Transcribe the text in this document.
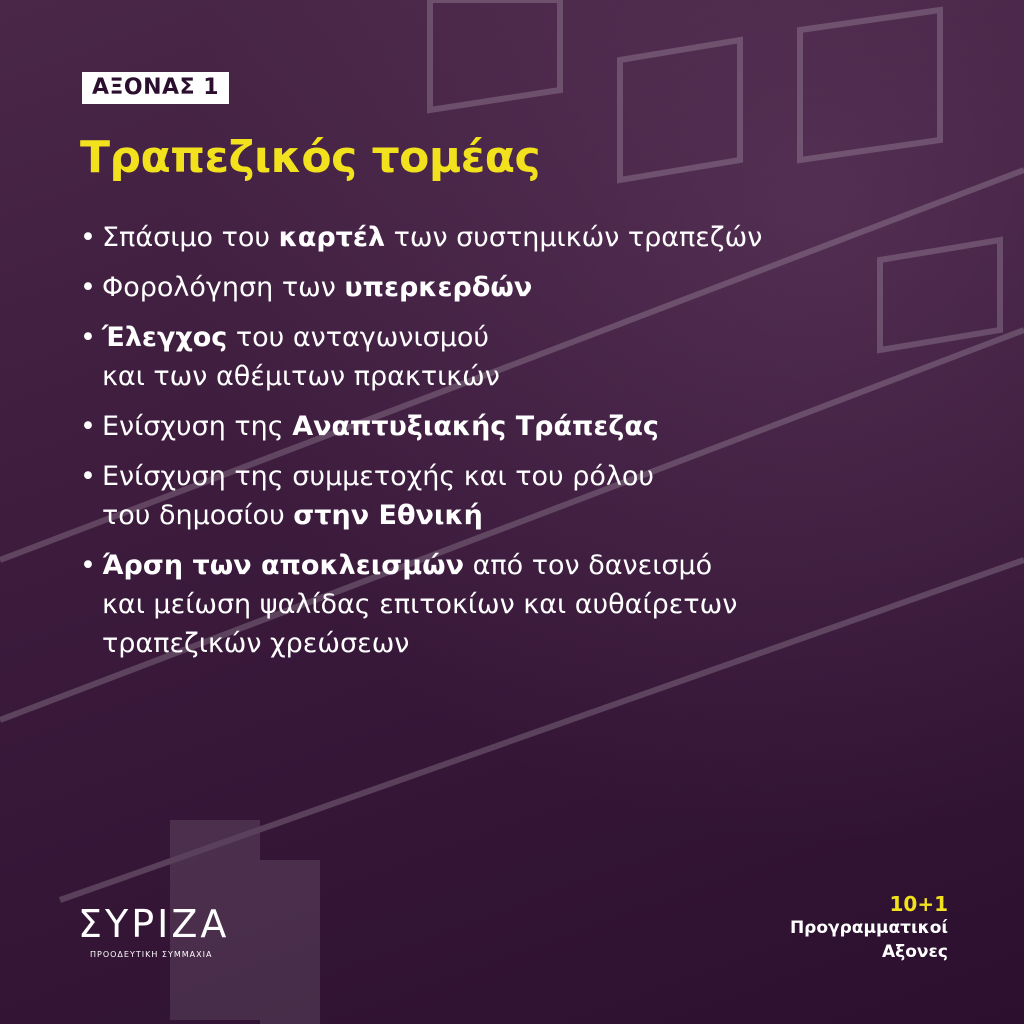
ΑΞΟΝΑΣ 1
Τραπεζικός τομέας
• Σπάσιμο του καρτέλ των συστημικών τραπεζών
• Φορολόγηση των υπερκερδών
• Έλεγχος του ανταγωνισμού
και των αθέμιτων πρακτικών
• Ενίσχυση της Αναπτυξιακής Τράπεζας
• Ενίσχυση της συμμετοχής και του ρόλου
του δημοσίου στην Εθνική
• Άρση των αποκλεισμών από τον δανεισμό
και μείωση ψαλίδας επιτοκίων και αυθαίρετων
τραπεζικών χρεώσεων
ΣΥΡΙΖΑ
ΠΡΟΟΔΕΥΤΙΚΗ ΣΥΜΜΑΧΙΑ
10+1
Προγραμματικοί
Αξονες
